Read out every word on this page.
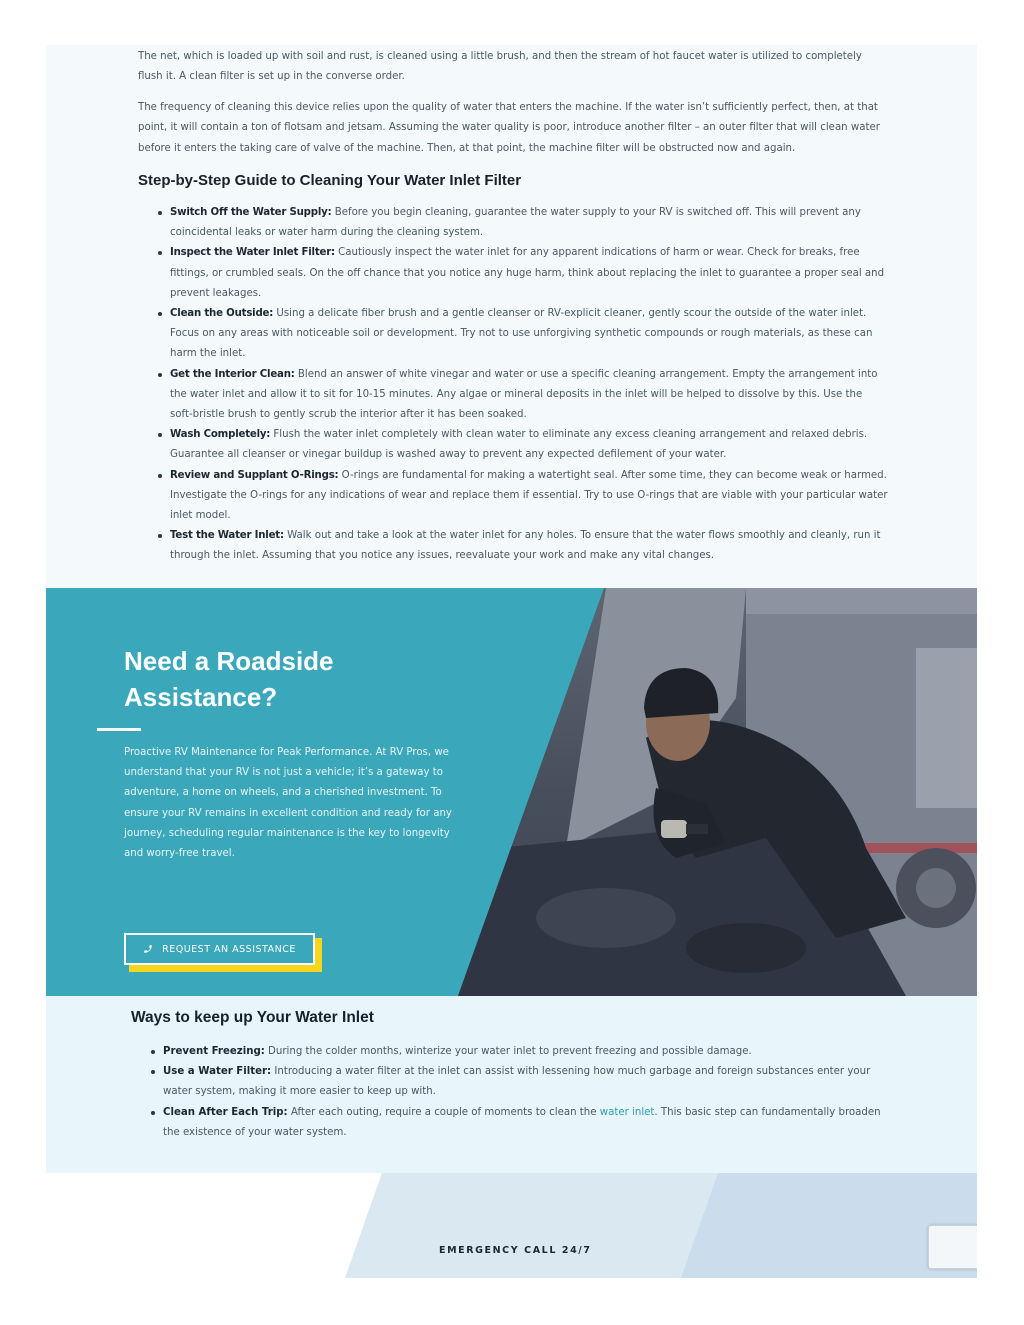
The net, which is loaded up with soil and rust, is cleaned using a little brush, and then the stream of hot faucet water is utilized to completely flush it. A clean filter is set up in the converse order.

The frequency of cleaning this device relies upon the quality of water that enters the machine. If the water isn’t sufficiently perfect, then, at that point, it will contain a ton of flotsam and jetsam. Assuming the water quality is poor, introduce another filter – an outer filter that will clean water before it enters the taking care of valve of the machine. Then, at that point, the machine filter will be obstructed now and again.

Step-by-Step Guide to Cleaning Your Water Inlet Filter
Switch Off the Water Supply: Before you begin cleaning, guarantee the water supply to your RV is switched off. This will prevent any coincidental leaks or water harm during the cleaning system.
Inspect the Water Inlet Filter: Cautiously inspect the water inlet for any apparent indications of harm or wear. Check for breaks, free fittings, or crumbled seals. On the off chance that you notice any huge harm, think about replacing the inlet to guarantee a proper seal and prevent leakages.
Clean the Outside: Using a delicate fiber brush and a gentle cleanser or RV-explicit cleaner, gently scour the outside of the water inlet. Focus on any areas with noticeable soil or development. Try not to use unforgiving synthetic compounds or rough materials, as these can harm the inlet.
Get the Interior Clean: Blend an answer of white vinegar and water or use a specific cleaning arrangement. Empty the arrangement into the water inlet and allow it to sit for 10-15 minutes. Any algae or mineral deposits in the inlet will be helped to dissolve by this. Use the soft-bristle brush to gently scrub the interior after it has been soaked.
Wash Completely: Flush the water inlet completely with clean water to eliminate any excess cleaning arrangement and relaxed debris. Guarantee all cleanser or vinegar buildup is washed away to prevent any expected defilement of your water.
Review and Supplant O-Rings: O-rings are fundamental for making a watertight seal. After some time, they can become weak or harmed. Investigate the O-rings for any indications of wear and replace them if essential. Try to use O-rings that are viable with your particular water inlet model.
Test the Water Inlet: Walk out and take a look at the water inlet for any holes. To ensure that the water flows smoothly and cleanly, run it through the inlet. Assuming that you notice any issues, reevaluate your work and make any vital changes.
Need a Roadside
Assistance?

Proactive RV Maintenance for Peak Performance. At RV Pros, we understand that your RV is not just a vehicle; it’s a gateway to adventure, a home on wheels, and a cherished investment. To ensure your RV remains in excellent condition and ready for any journey, scheduling regular maintenance is the key to longevity and worry-free travel.

REQUEST AN ASSISTANCE
Ways to keep up Your Water Inlet
Prevent Freezing: During the colder months, winterize your water inlet to prevent freezing and possible damage.
Use a Water Filter: Introducing a water filter at the inlet can assist with lessening how much garbage and foreign substances enter your water system, making it more easier to keep up with.
Clean After Each Trip: After each outing, require a couple of moments to clean the water inlet. This basic step can fundamentally broaden the existence of your water system.
EMERGENCY CALL 24/7
